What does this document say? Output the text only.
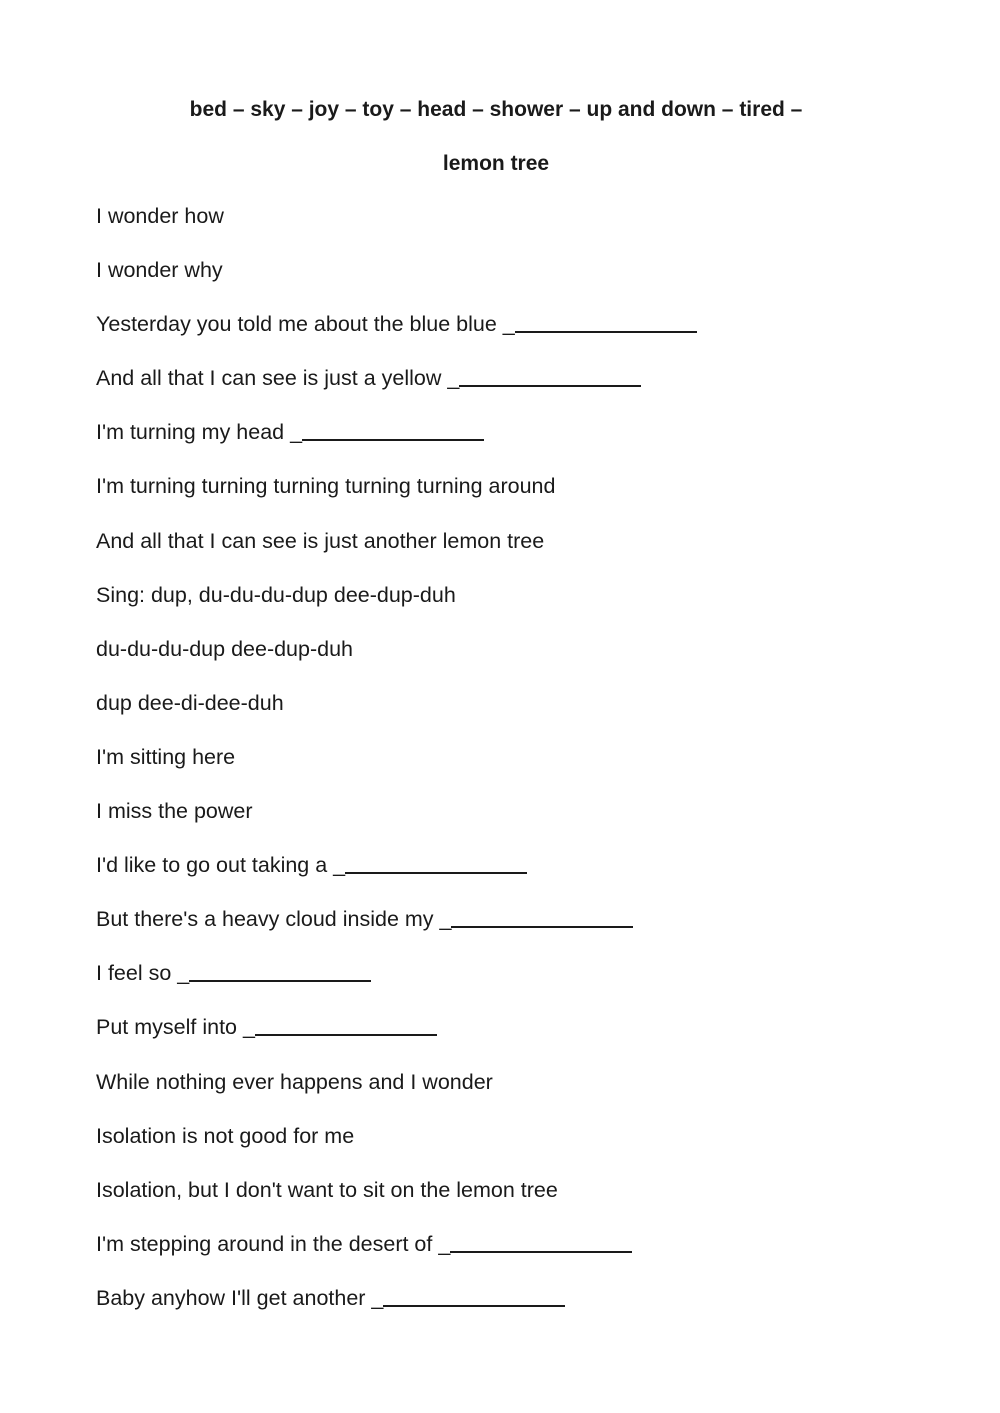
bed – sky – joy – toy – head – shower – up and down – tired –
lemon tree
I wonder how
I wonder why
Yesterday you told me about the blue blue _
And all that I can see is just a yellow _
I'm turning my head _
I'm turning turning turning turning turning around
And all that I can see is just another lemon tree
Sing: dup, du-du-du-dup dee-dup-duh
du-du-du-dup dee-dup-duh
dup dee-di-dee-duh
I'm sitting here
I miss the power
I'd like to go out taking a _
But there's a heavy cloud inside my _
I feel so _
Put myself into _
While nothing ever happens and I wonder
Isolation is not good for me
Isolation, but I don't want to sit on the lemon tree
I'm stepping around in the desert of _
Baby anyhow I'll get another _
